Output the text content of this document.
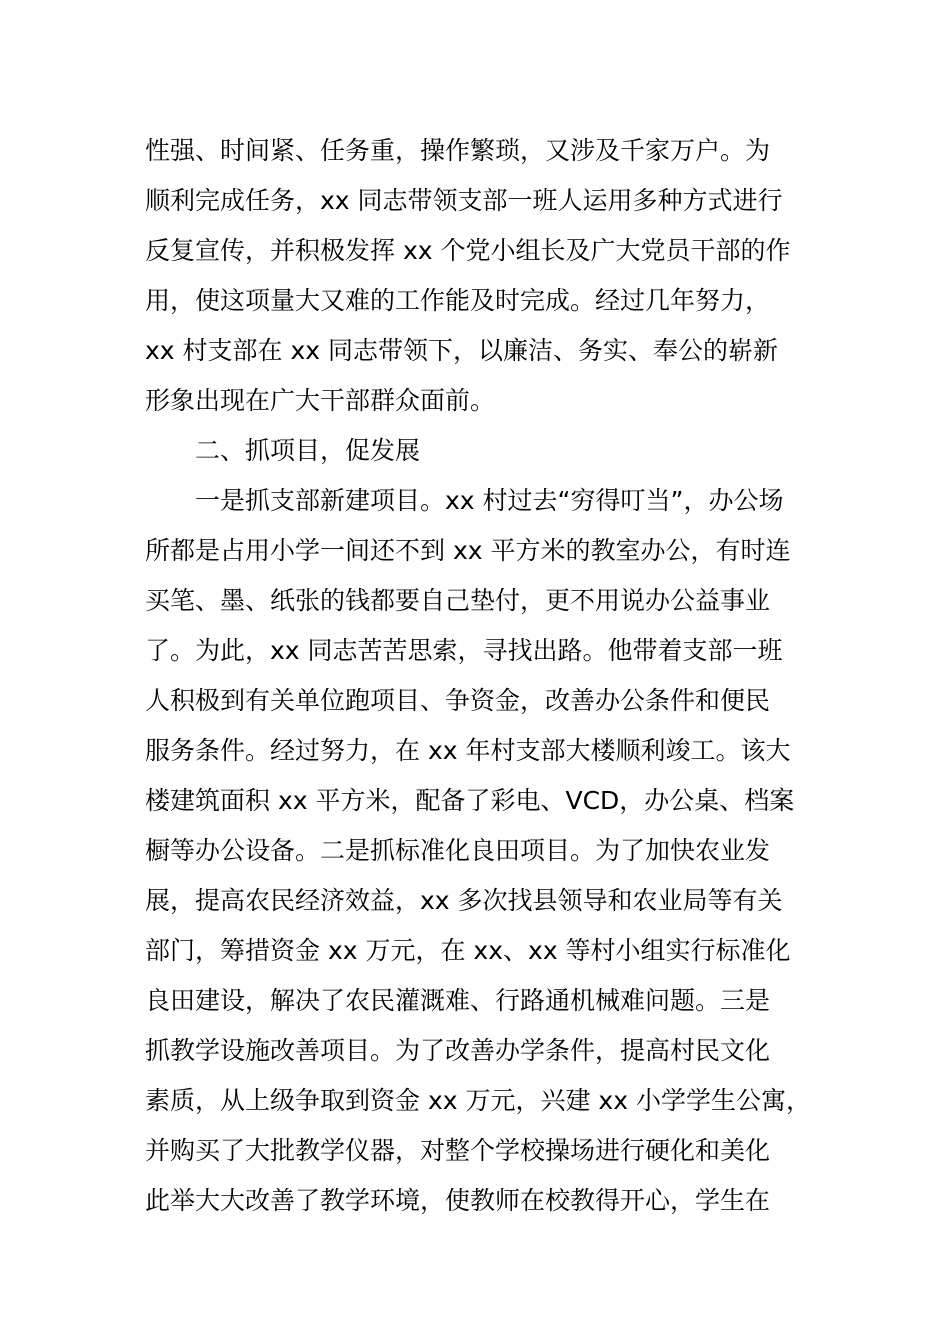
性强、时间紧、任务重，操作繁琐，又涉及千家万户。为
顺利完成任务，xx 同志带领支部一班人运用多种方式进行
反复宣传，并积极发挥 xx 个党小组长及广大党员干部的作
用，使这项量大又难的工作能及时完成。经过几年努力，
xx 村支部在 xx 同志带领下，以廉洁、务实、奉公的崭新
形象出现在广大干部群众面前。
二、抓项目，促发展
一是抓支部新建项目。xx 村过去“穷得叮当”，办公场
所都是占用小学一间还不到 xx 平方米的教室办公，有时连
买笔、墨、纸张的钱都要自己垫付，更不用说办公益事业
了。为此，xx 同志苦苦思索，寻找出路。他带着支部一班
人积极到有关单位跑项目、争资金，改善办公条件和便民
服务条件。经过努力，在 xx 年村支部大楼顺利竣工。该大
楼建筑面积 xx 平方米，配备了彩电、VCD，办公桌、档案
橱等办公设备。二是抓标准化良田项目。为了加快农业发
展，提高农民经济效益，xx 多次找县领导和农业局等有关
部门，筹措资金 xx 万元，在 xx、xx 等村小组实行标准化
良田建设，解决了农民灌溉难、行路通机械难问题。三是
抓教学设施改善项目。为了改善办学条件，提高村民文化
素质，从上级争取到资金 xx 万元，兴建 xx 小学学生公寓，
并购买了大批教学仪器，对整个学校操场进行硬化和美化
此举大大改善了教学环境，使教师在校教得开心，学生在
